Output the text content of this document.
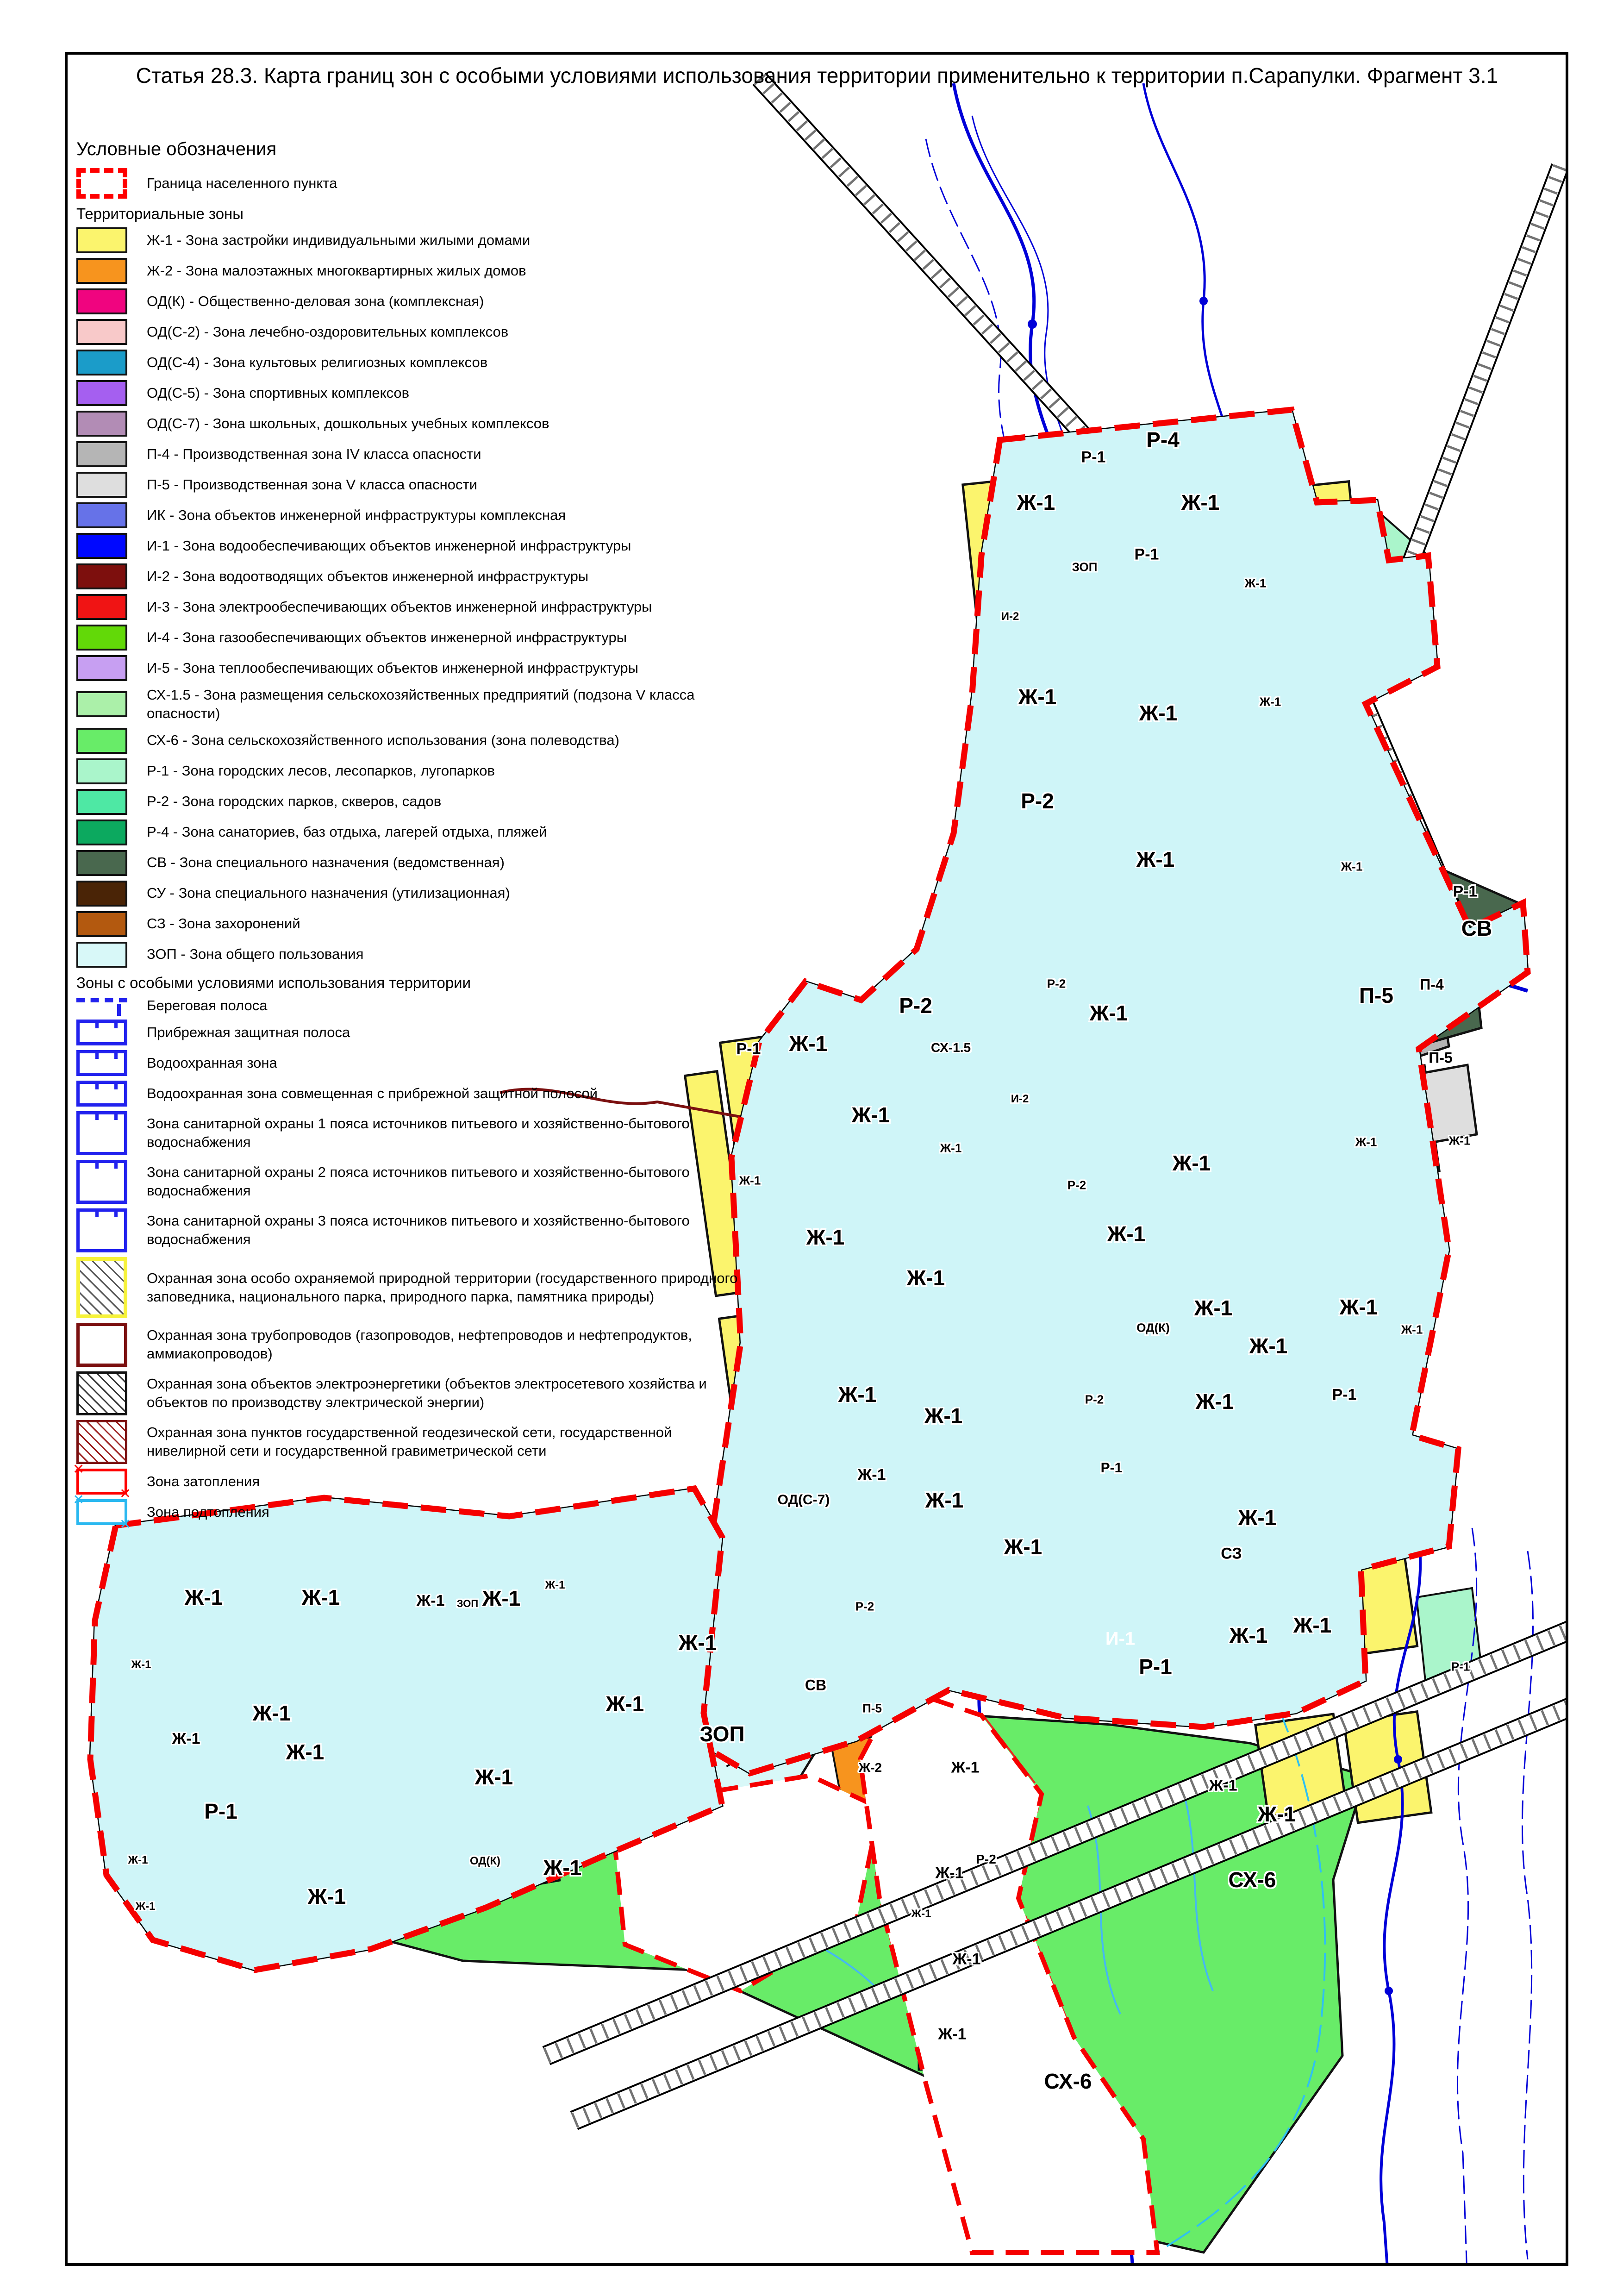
Статья 28.3. Карта границ зон с особыми условиями использования территории применительно к территории п.Сарапулки. Фрагмент 3.1
Условные обозначения
Граница населенного пункта
Территориальные зоны
Ж-1 - Зона застройки индивидуальными жилыми домами
Ж-2 - Зона малоэтажных многоквартирных жилых домов
ОД(К) - Общественно-деловая зона (комплексная)
ОД(С-2) - Зона лечебно-оздоровительных комплексов
ОД(С-4) - Зона культовых религиозных комплексов
ОД(С-5) - Зона спортивных комплексов
ОД(С-7) - Зона школьных, дошкольных учебных комплексов
П-4 - Производственная зона IV класса опасности
П-5 - Производственная зона V класса опасности
ИК - Зона объектов инженерной инфраструктуры комплексная
И-1 - Зона водообеспечивающих объектов инженерной инфраструктуры
И-2 - Зона водоотводящих объектов инженерной инфраструктуры
И-3 - Зона электрообеспечивающих объектов инженерной инфраструктуры
И-4 - Зона газообеспечивающих объектов инженерной инфраструктуры
И-5 - Зона теплообеспечивающих объектов инженерной инфраструктуры
СХ-1.5 - Зона размещения сельскохозяйственных предприятий (подзона V класса опасности)
СХ-6 - Зона сельскохозяйственного использования (зона полеводства)
Р-1 - Зона городских лесов, лесопарков, лугопарков
Р-2 - Зона городских парков, скверов, садов
Р-4 - Зона санаториев, баз отдыха, лагерей отдыха, пляжей
СВ - Зона специального назначения (ведомственная)
СУ - Зона специального назначения (утилизационная)
СЗ - Зона захоронений
ЗОП - Зона общего пользования
Зоны с особыми условиями использования территории
Береговая полоса
Прибрежная защитная полоса
Водоохранная зона
Водоохранная зона совмещенная с прибрежной защитной полосой
Зона санитарной охраны 1 пояса источников питьевого и хозяйственно-бытового водоснабжения
Зона санитарной охраны 2 пояса источников питьевого и хозяйственно-бытового водоснабжения
Зона санитарной охраны 3 пояса источников питьевого и хозяйственно-бытового водоснабжения
Охранная зона особо охраняемой природной территории (государственного природного заповедника, национального парка, природного парка, памятника природы)
Охранная зона трубопроводов (газопроводов, нефтепроводов и нефтепродуктов, аммиакопроводов)
Охранная зона объектов электроэнергетики (объектов электросетевого хозяйства и объектов по производству электрической энергии)
Охранная зона пунктов государственной геодезической сети, государственной нивелирной сети и государственной гравиметрической сети
✕ ✕
Зона затопления
✕ ✕
Зона подтопления
Р-4
Р-1
Ж-1	Ж-1
Р-1
ЗОП
Ж-1
И-2
Ж-1
Ж-1	Ж-1
Р-2
Ж-1	Ж-1
Р-1
СВ
Р-2
Ж-1
П-5 П-4
Р-2
П-5
Р-1 Ж-1	СХ-1.5
Ж-1
И-2
Ж-1
Ж-1	Ж-1	Ж-1
Ж-1
Ж-1	Ж-1
Р-2
Ж-1
ОД(К)
Ж-1	Ж-1
Ж-1
Ж-1
Ж-1
Р-2	Ж-1
Ж-1
Р-1
Р-1
ОД(С-7)
Ж-1
Ж-1
Ж-1	СЗ
Ж-1
И-1
Р-1
Ж-1 Ж-1
Р-1
Ж-2
ЗОП
СВ
П-5
Р-2
Ж-1
Ж-1
Ж-1
Р-2
Ж-1
Ж-1
Ж-1
Ж-1
СХ-6
СХ-6
Ж-1	Ж-1	Ж-1 Ж-1
Ж-1
Ж-1
Ж-1
Ж-1
Ж-1
Ж-1
Ж-1
Ж-1
ЗОП
Ж-1
Ж-1
Ж-1
Р-1
ОД(К) Ж-1
